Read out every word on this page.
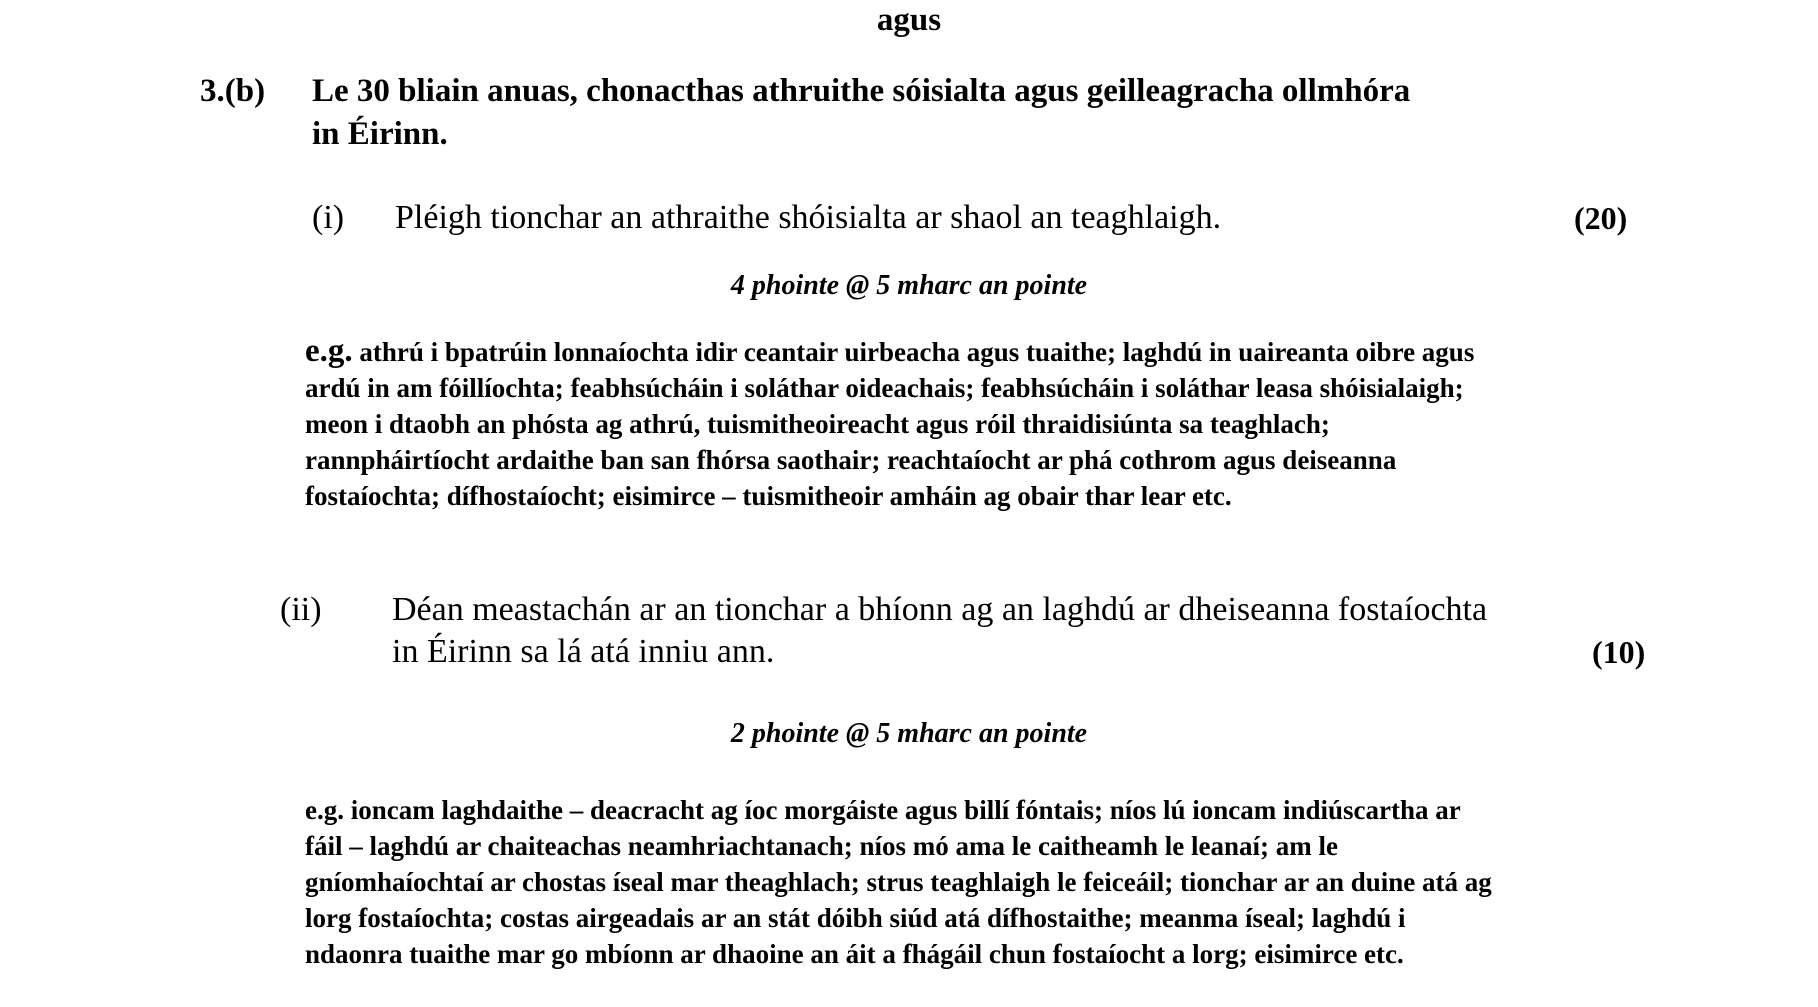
agus
3.(b) Le 30 bliain anuas, chonacthas athruithe sóisialta agus geilleagracha ollmhóra
in Éirinn.
(i) Pléigh tionchar an athraithe shóisialta ar shaol an teaghlaigh.	(20)
4 phointe @ 5 mharc an pointe
e.g. athrú i bpatrúin lonnaíochta idir ceantair uirbeacha agus tuaithe; laghdú in uaireanta oibre agus
ardú in am fóillíochta; feabhsúcháin i soláthar oideachais; feabhsúcháin i soláthar leasa shóisialaigh;
meon i dtaobh an phósta ag athrú, tuismitheoireacht agus róil thraidisiúnta sa teaghlach;
rannpháirtíocht ardaithe ban san fhórsa saothair; reachtaíocht ar phá cothrom agus deiseanna
fostaíochta; dífhostaíocht; eisimirce – tuismitheoir amháin ag obair thar lear etc.
(ii) Déan meastachán ar an tionchar a bhíonn ag an laghdú ar dheiseanna fostaíochta
in Éirinn sa lá atá inniu ann.	(10)
2 phointe @ 5 mharc an pointe
e.g. ioncam laghdaithe – deacracht ag íoc morgáiste agus billí fóntais; níos lú ioncam indiúscartha ar
fáil – laghdú ar chaiteachas neamhriachtanach; níos mó ama le caitheamh le leanaí; am le
gníomhaíochtaí ar chostas íseal mar theaghlach; strus teaghlaigh le feiceáil; tionchar ar an duine atá ag
lorg fostaíochta; costas airgeadais ar an stát dóibh siúd atá dífhostaithe; meanma íseal; laghdú i
ndaonra tuaithe mar go mbíonn ar dhaoine an áit a fhágáil chun fostaíocht a lorg; eisimirce etc.
